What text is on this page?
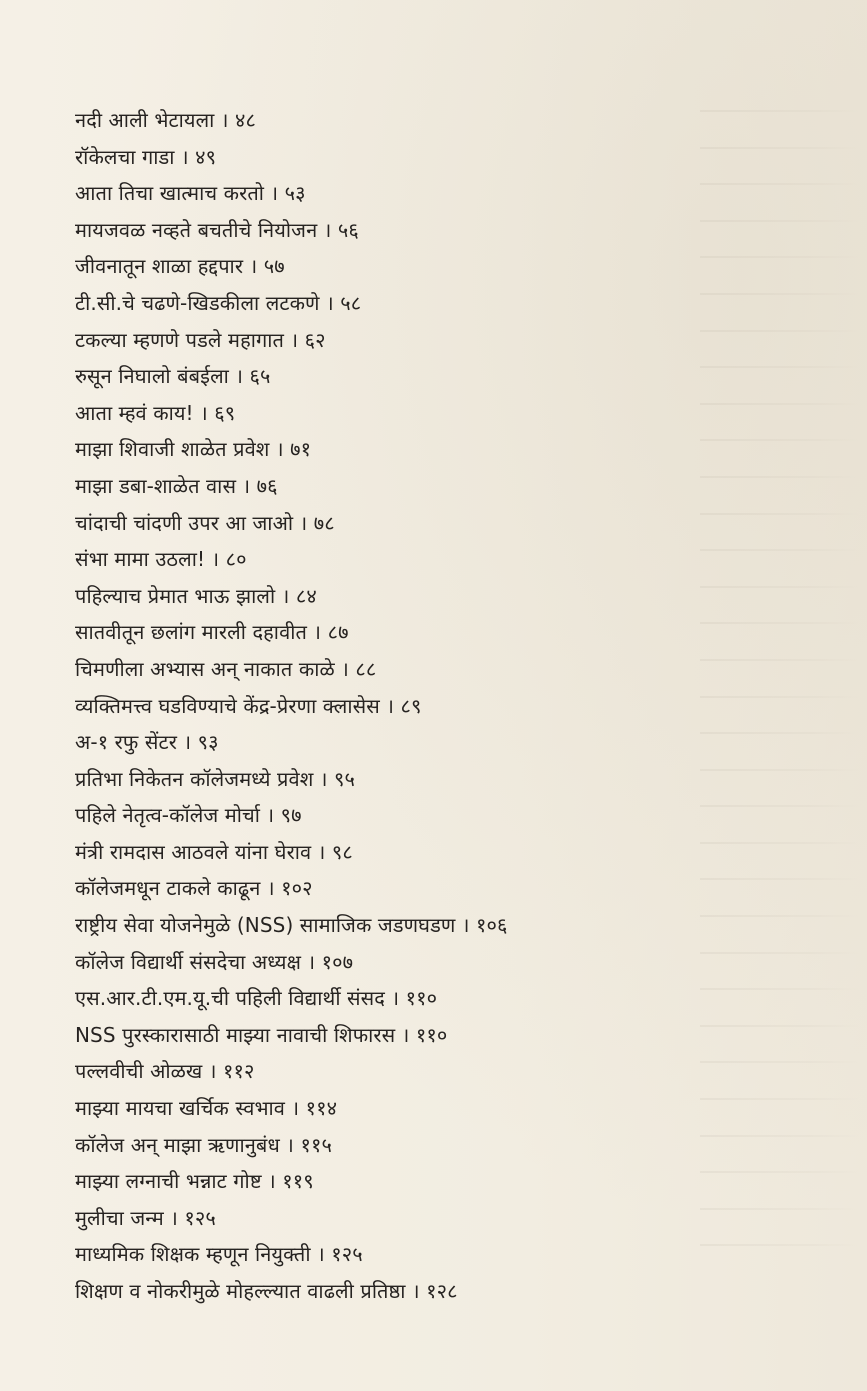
नदी आली भेटायला । ४८
रॉकेलचा गाडा । ४९
आता तिचा खात्माच करतो । ५३
मायजवळ नव्हते बचतीचे नियोजन । ५६
जीवनातून शाळा हद्दपार । ५७
टी.सी.चे चढणे-खिडकीला लटकणे । ५८
टकल्या म्हणणे पडले महागात । ६२
रुसून निघालो बंबईला । ६५
आता म्हवं काय! । ६९
माझा शिवाजी शाळेत प्रवेश । ७१
माझा डबा-शाळेत वास । ७६
चांदाची चांदणी उपर आ जाओ । ७८
संभा मामा उठला! । ८०
पहिल्याच प्रेमात भाऊ झालो । ८४
सातवीतून छलांग मारली दहावीत । ८७
चिमणीला अभ्यास अन् नाकात काळे । ८८
व्यक्तिमत्त्व घडविण्याचे केंद्र-प्रेरणा क्लासेस । ८९
अ-१ रफु सेंटर । ९३
प्रतिभा निकेतन कॉलेजमध्ये प्रवेश । ९५
पहिले नेतृत्व-कॉलेज मोर्चा । ९७
मंत्री रामदास आठवले यांना घेराव । ९८
कॉलेजमधून टाकले काढून । १०२
राष्ट्रीय सेवा योजनेमुळे (NSS) सामाजिक जडणघडण । १०६
कॉलेज विद्यार्थी संसदेचा अध्यक्ष । १०७
एस.आर.टी.एम.यू.ची पहिली विद्यार्थी संसद । ११०
NSS पुरस्कारासाठी माझ्या नावाची शिफारस । ११०
पल्लवीची ओळख । ११२
माझ्या मायचा खर्चिक स्वभाव । ११४
कॉलेज अन् माझा ऋणानुबंध । ११५
माझ्या लग्नाची भन्नाट गोष्ट । ११९
मुलीचा जन्म । १२५
माध्यमिक शिक्षक म्हणून नियुक्ती । १२५
शिक्षण व नोकरीमुळे मोहल्ल्यात वाढली प्रतिष्ठा । १२८
